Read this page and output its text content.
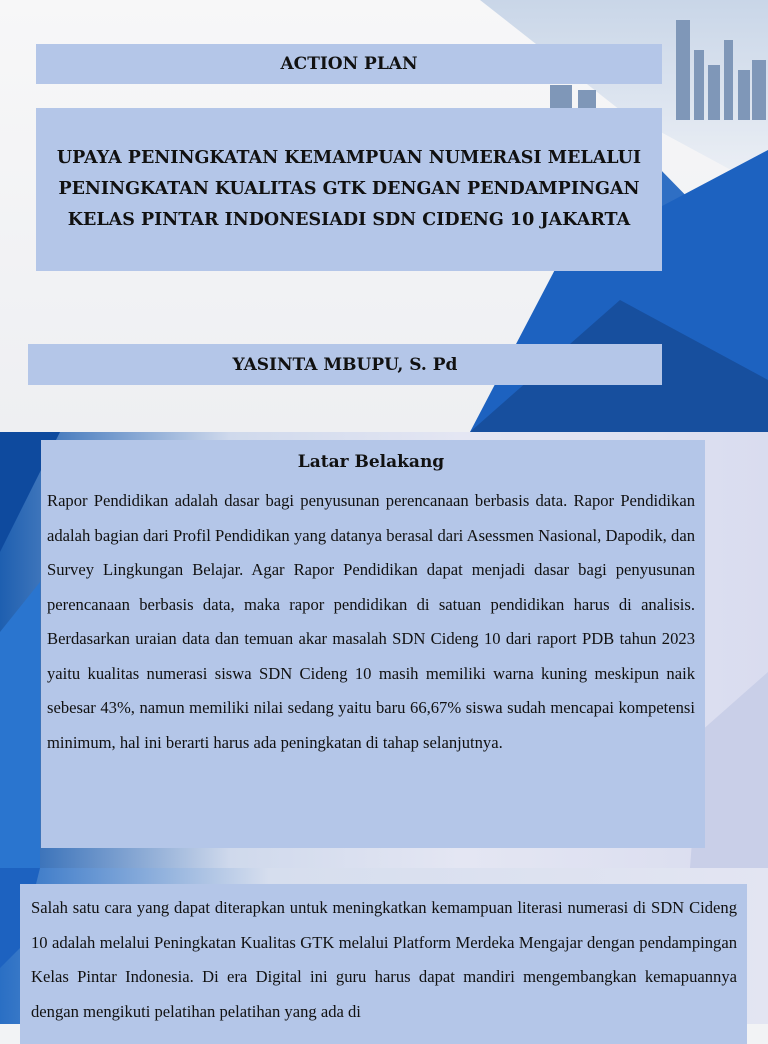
ACTION PLAN
UPAYA PENINGKATAN KEMAMPUAN NUMERASI MELALUI PENINGKATAN KUALITAS GTK DENGAN PENDAMPINGAN KELAS PINTAR INDONESIADI SDN CIDENG 10 JAKARTA
YASINTA MBUPU, S. Pd
Latar Belakang

Rapor Pendidikan adalah dasar bagi penyusunan perencanaan berbasis data. Rapor Pendidikan adalah bagian dari Profil Pendidikan yang datanya berasal dari Asessmen Nasional, Dapodik, dan Survey Lingkungan Belajar. Agar Rapor Pendidikan dapat menjadi dasar bagi penyusunan perencanaan berbasis data, maka rapor pendidikan di satuan pendidikan harus di analisis. Berdasarkan uraian data dan temuan akar masalah SDN Cideng 10 dari raport PDB tahun 2023 yaitu kualitas numerasi siswa SDN Cideng 10 masih memiliki warna kuning meskipun naik sebesar 43%, namun memiliki nilai sedang yaitu baru 66,67% siswa sudah mencapai kompetensi minimum, hal ini berarti harus ada peningkatan di tahap selanjutnya.

Salah satu cara yang dapat diterapkan untuk meningkatkan kemampuan literasi numerasi di SDN Cideng 10 adalah melalui Peningkatan Kualitas GTK melalui Platform Merdeka Mengajar dengan pendampingan Kelas Pintar Indonesia. Di era Digital ini guru harus dapat mandiri mengembangkan kemapuannya dengan mengikuti pelatihan pelatihan yang ada di
